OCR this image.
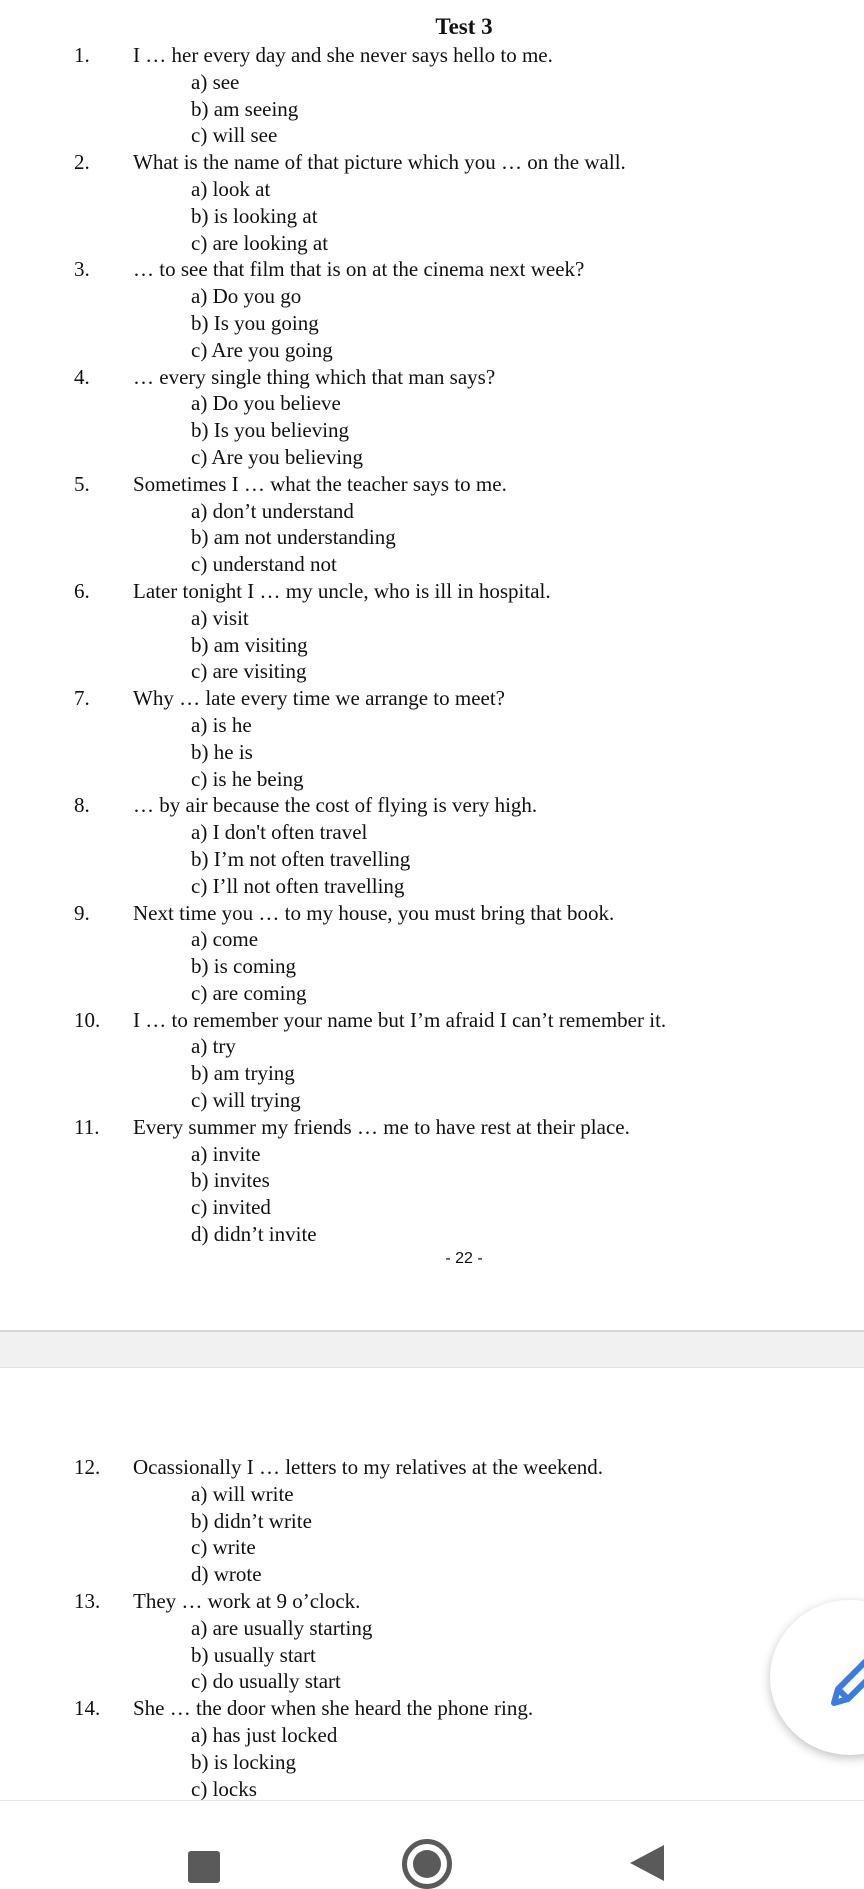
Test 3
1. I … her every day and she never says hello to me.
a) see
b) am seeing
c) will see
2. What is the name of that picture which you … on the wall.
a) look at
b) is looking at
c) are looking at
3. … to see that film that is on at the cinema next week?
a) Do you go
b) Is you going
c) Are you going
4. … every single thing which that man says?
a) Do you believe
b) Is you believing
c) Are you believing
5. Sometimes I … what the teacher says to me.
a) don’t understand
b) am not understanding
c) understand not
6. Later tonight I … my uncle, who is ill in hospital.
a) visit
b) am visiting
c) are visiting
7. Why … late every time we arrange to meet?
a) is he
b) he is
c) is he being
8. … by air because the cost of flying is very high.
a) I don't often travel
b) I’m not often travelling
c) I’ll not often travelling
9. Next time you … to my house, you must bring that book.
a) come
b) is coming
c) are coming
10. I … to remember your name but I’m afraid I can’t remember it.
a) try
b) am trying
c) will trying
11. Every summer my friends … me to have rest at their place.
a) invite
b) invites
c) invited
d) didn’t invite
- 22 -
12. Ocassionally I … letters to my relatives at the weekend.
a) will write
b) didn’t write
c) write
d) wrote
13. They … work at 9 o’clock.
a) are usually starting
b) usually start
c) do usually start
14. She … the door when she heard the phone ring.
a) has just locked
b) is locking
c) locks
